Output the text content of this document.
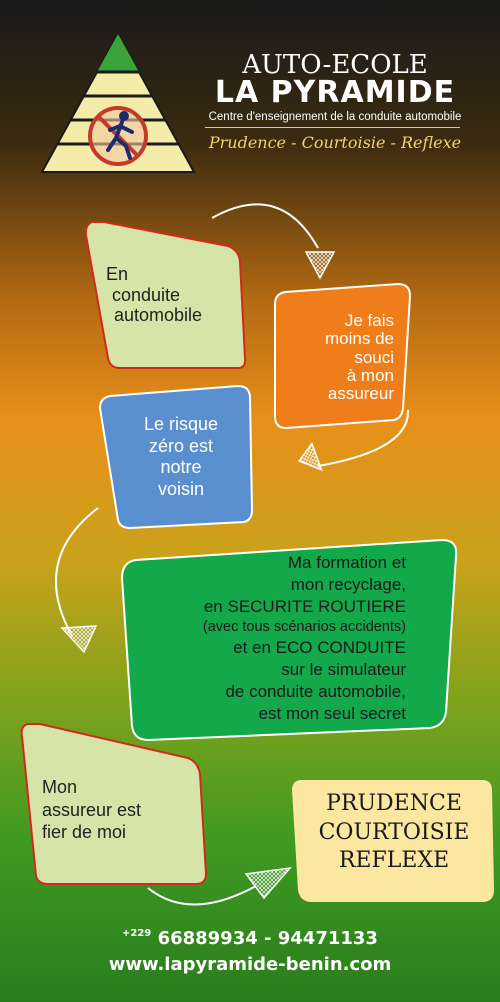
AUTO-ECOLE
LA PYRAMIDE
Centre d'enseignement de la conduite automobile
Prudence - Courtoisie - Reflexe
En
conduite
automobile	Je fais
moins de
souci
à mon
assureur
Le risque
zéro est
notre
voisin
Ma formation et
mon recyclage,
en SECURITE ROUTIERE
(avec tous scénarios accidents)
et en ECO CONDUITE
sur le simulateur
de conduite automobile,
est mon seul secret
Mon
assureur est
fier de moi
PRUDENCE
COURTOISIE
REFLEXE
$^{+229}$ 66889934 - 94471133
www.lapyramide-benin.com
